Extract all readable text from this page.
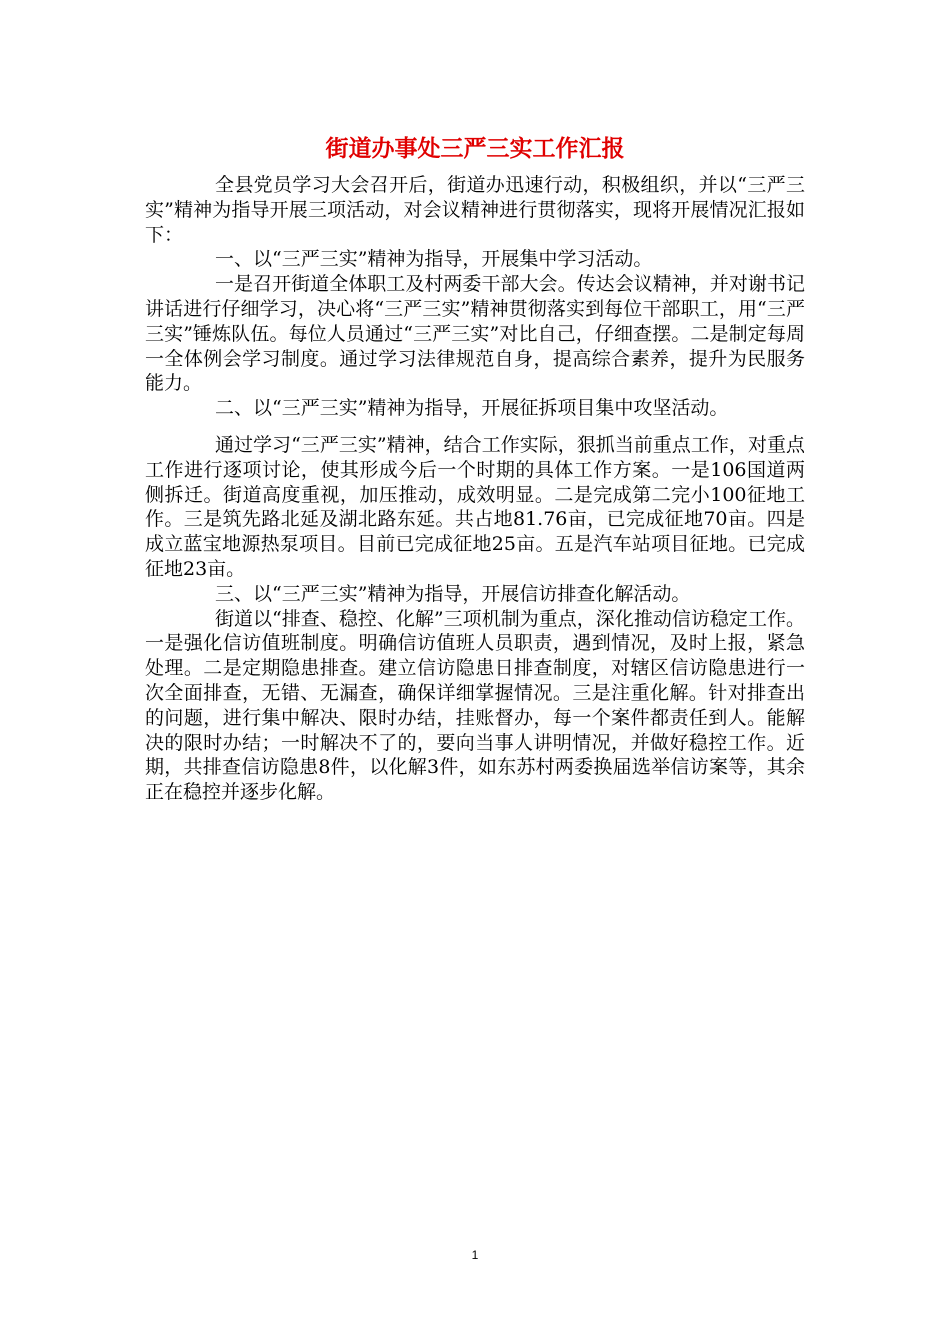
街道办事处三严三实工作汇报

全县党员学习大会召开后，街道办迅速行动，积极组织，并以“三严三实”精神为指导开展三项活动，对会议精神进行贯彻落实，现将开展情况汇报如下：

一、以“三严三实”精神为指导，开展集中学习活动。

一是召开街道全体职工及村两委干部大会。传达会议精神，并对谢书记讲话进行仔细学习，决心将“三严三实”精神贯彻落实到每位干部职工，用“三严三实”锤炼队伍。每位人员通过“三严三实”对比自己，仔细查摆。二是制定每周一全体例会学习制度。通过学习法律规范自身，提高综合素养，提升为民服务能力。

二、以“三严三实”精神为指导，开展征拆项目集中攻坚活动。

通过学习“三严三实”精神，结合工作实际，狠抓当前重点工作，对重点工作进行逐项讨论，使其形成今后一个时期的具体工作方案。一是106国道两侧拆迁。街道高度重视，加压推动，成效明显。二是完成第二完小100征地工作。三是筑先路北延及湖北路东延。共占地81.76亩，已完成征地70亩。四是成立蓝宝地源热泵项目。目前已完成征地25亩。五是汽车站项目征地。已完成征地23亩。

三、以“三严三实”精神为指导，开展信访排查化解活动。

街道以“排查、稳控、化解”三项机制为重点，深化推动信访稳定工作。一是强化信访值班制度。明确信访值班人员职责，遇到情况，及时上报，紧急处理。二是定期隐患排查。建立信访隐患日排查制度，对辖区信访隐患进行一次全面排查，无错、无漏查，确保详细掌握情况。三是注重化解。针对排查出的问题，进行集中解决、限时办结，挂账督办，每一个案件都责任到人。能解决的限时办结；一时解决不了的，要向当事人讲明情况，并做好稳控工作。近期，共排查信访隐患8件，以化解3件，如东苏村两委换届选举信访案等，其余正在稳控并逐步化解。

1
